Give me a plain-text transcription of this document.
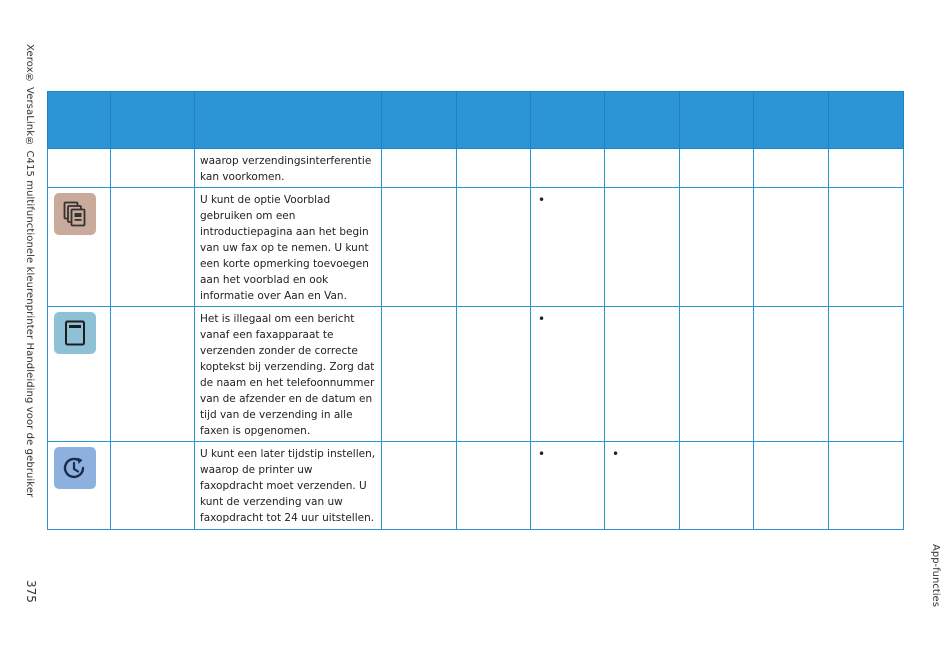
Xerox® VersaLink® C415 multifunctionele kleurenprinter Handleiding voor de gebruiker
375	App-functies

		waarop verzendingsinterferentie kan voorkomen.							

		U kunt de optie Voorblad gebruiken om een introductiepagina aan het begin van uw fax op te nemen. U kunt een korte opmerking toevoegen aan het voorblad en ook informatie over Aan en Van.			•				

		Het is illegaal om een bericht vanaf een faxapparaat te verzenden zonder de correcte koptekst bij verzending. Zorg dat de naam en het telefoonnummer van de afzender en de datum en tijd van de verzending in alle faxen is opgenomen.			•				

		U kunt een later tijdstip instellen, waarop de printer uw faxopdracht moet verzenden. U kunt de verzending van uw faxopdracht tot 24 uur uitstellen.			•	•			
